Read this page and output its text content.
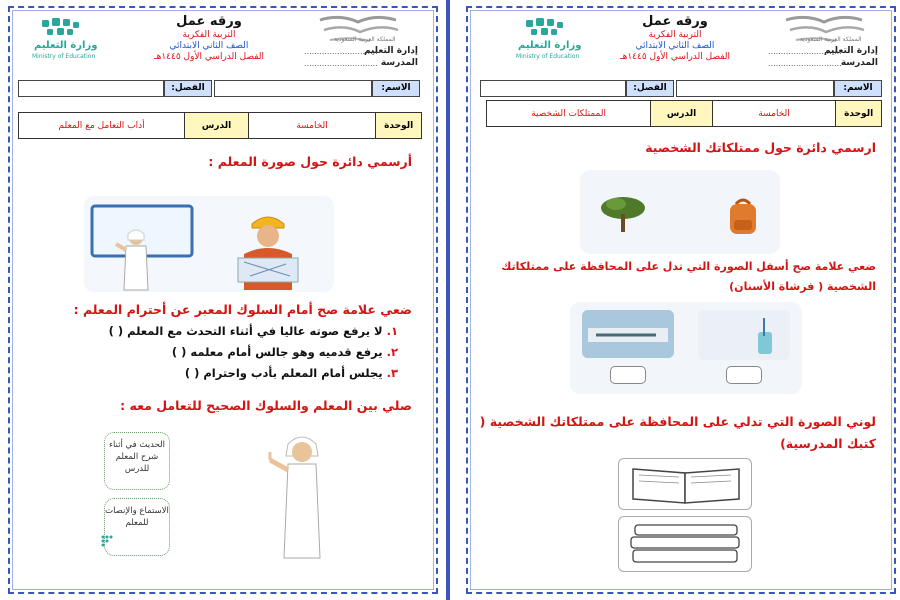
وزارة التعليم
Ministry of Education
ورقه عمل
التربية الفكرية
الصف الثاني الابتدائي
الفصل الدراسي الأول ١٤٤٥هـ
المملكة العربية السعودية
إدارة التعليم
.............................
المدرسة
.............................
الاسم:
الفصل:
الوحدة
الخامسة
الدرس
أداب التعامل مع المعلم
أرسمي دائرة حول صورة المعلم :
ضعي علامة صح أمام السلوك المعبر عن أحترام المعلم :
١. لا يرفع صوته عاليا في أثناء التحدث مع المعلم ( )
٢. يرفع قدميه وهو جالس أمام معلمه ( )
٣. يجلس أمام المعلم بأدب واحترام ( )
صلي بين المعلم والسلوك الصحيح للتعامل معه :
الحديث في أثناء شرح المعلم للدرس
الاستماع والإنصات للمعلم
وزارة التعليم
Ministry of Education
ورقه عمل
التربية الفكرية
الصف الثاني الابتدائي
الفصل الدراسي الأول ١٤٤٥هـ
المملكة العربية السعودية
إدارة التعليم
.............................
المدرسة
.............................
الاسم:
الفصل:
الوحدة
الخامسة
الدرس
الممتلكات الشخصية
ارسمي دائرة حول ممتلكاتك الشخصية
ضعي علامة صح أسفل الصورة التي تدل على المحافظة على ممتلكاتك
الشخصية ( فرشاة الأسنان)
لوني الصورة التي تدلي على المحافظة على ممتلكاتك الشخصية (
كتبك المدرسية)
